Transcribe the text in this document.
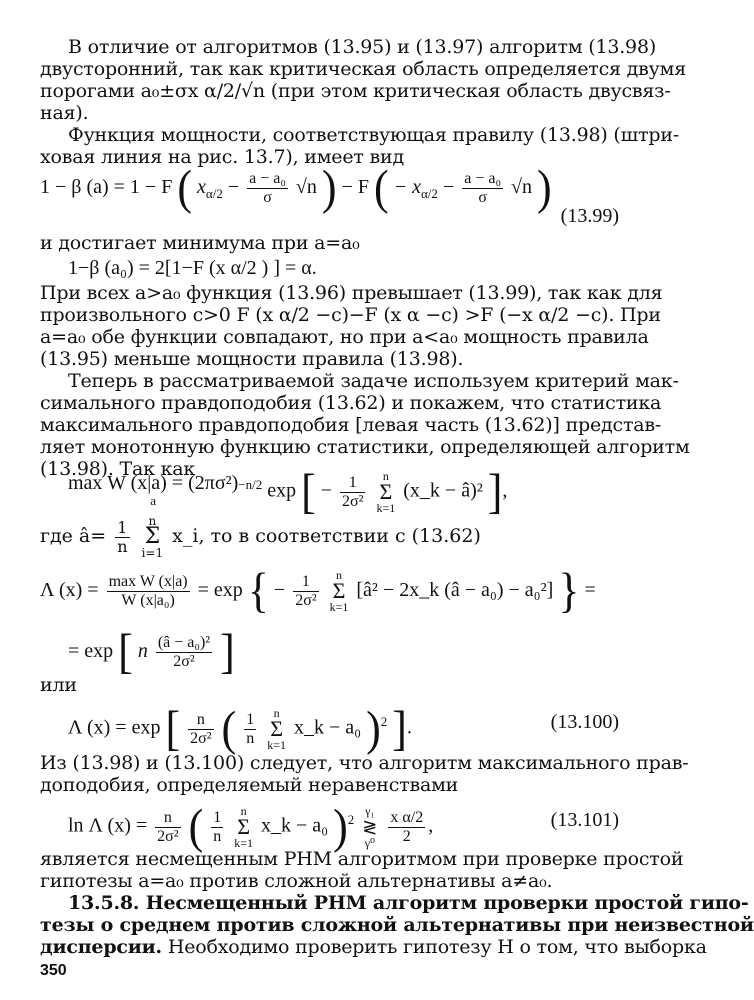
В отличие от алгоритмов (13.95) и (13.97) алгоритм (13.98)
двусторонний, так как критическая область определяется двумя
порогами a₀±σx α/2/√n (при этом критическая область двусвяз-
ная).
Функция мощности, соответствующая правилу (13.98) (штри-
ховая линия на рис. 13.7), имеет вид
1 − β (a) = 1 − F ( $x_{\alpha/2} - \frac{\text{a − a₀}}{\sigma} √n$ ) − F ( − $x_{\alpha/2} - \frac{\text{a − a₀}}{\sigma} √n$ )
(13.99)
и достигает минимума при a=a₀
1−β (a₀) = 2[1−F (x α/2 ) ] = α.
При всех a>a₀ функция (13.96) превышает (13.99), так как для
произвольного c>0 F (x α/2 −c)−F (x α −c) >F (−x α/2 −c). При
a=a₀ обе функции совпадают, но при a<a₀ мощность правила
(13.95) меньше мощности правила (13.98).
Теперь в рассматриваемой задаче используем критерий мак-
симального правдоподобия (13.62) и покажем, что статистика
максимального правдоподобия [левая часть (13.62)] представ-
ляет монотонную функцию статистики, определяющей алгоритм
(13.98). Так как
max W (x|a) = (2πσ²)
$a^{-n/2}$ exp [ − $\frac{1}{\text{2σ²}}$ n
Σ
k=1 (x_k − â)² ],
где â= $\frac{1}{n}$ n
Σ
i=1 x_i, то в соответствии с (13.62)
Λ $(x) = \frac{\text{max W (x|a)}}{\text{W (x|a₀)}} = \exp$ { − $\frac{1}{\text{2σ²}}$ n
Σ
k=1 [â² − 2x_k (â − a₀) − a₀²] } =
= exp [ n $\frac{\text{(â − a₀)²}}{\text{2σ²}}$ ]
или
Λ (x) = exp [ $\frac{n}{\text{2σ²}}$ ( $\frac{1}{n}$ n
Σ
k=1 x_k − a₀ )$^2$ ].	(13.100)
Из (13.98) и (13.100) следует, что алгоритм максимального прав-
доподобия, определяемый неравенствами
ln Λ $(x) = \frac{n}{\text{2σ²}}$ ( $\frac{1}{n}$ n
Σ
k=1 x_k − a₀ )$^2$ γ₁
≷
$\gamma^0 \frac{\text{x α/2}}{2}$ ,	(13.101)
является несмещенным РНМ алгоритмом при проверке простой
гипотезы a=a₀ против сложной альтернативы a≠a₀.
13.5.8. Несмещенный РНМ алгоритм проверки простой гипо-
тезы о среднем против сложной альтернативы при неизвестной
дисперсии. Необходимо проверить гипотезу H о том, что выборка
350
